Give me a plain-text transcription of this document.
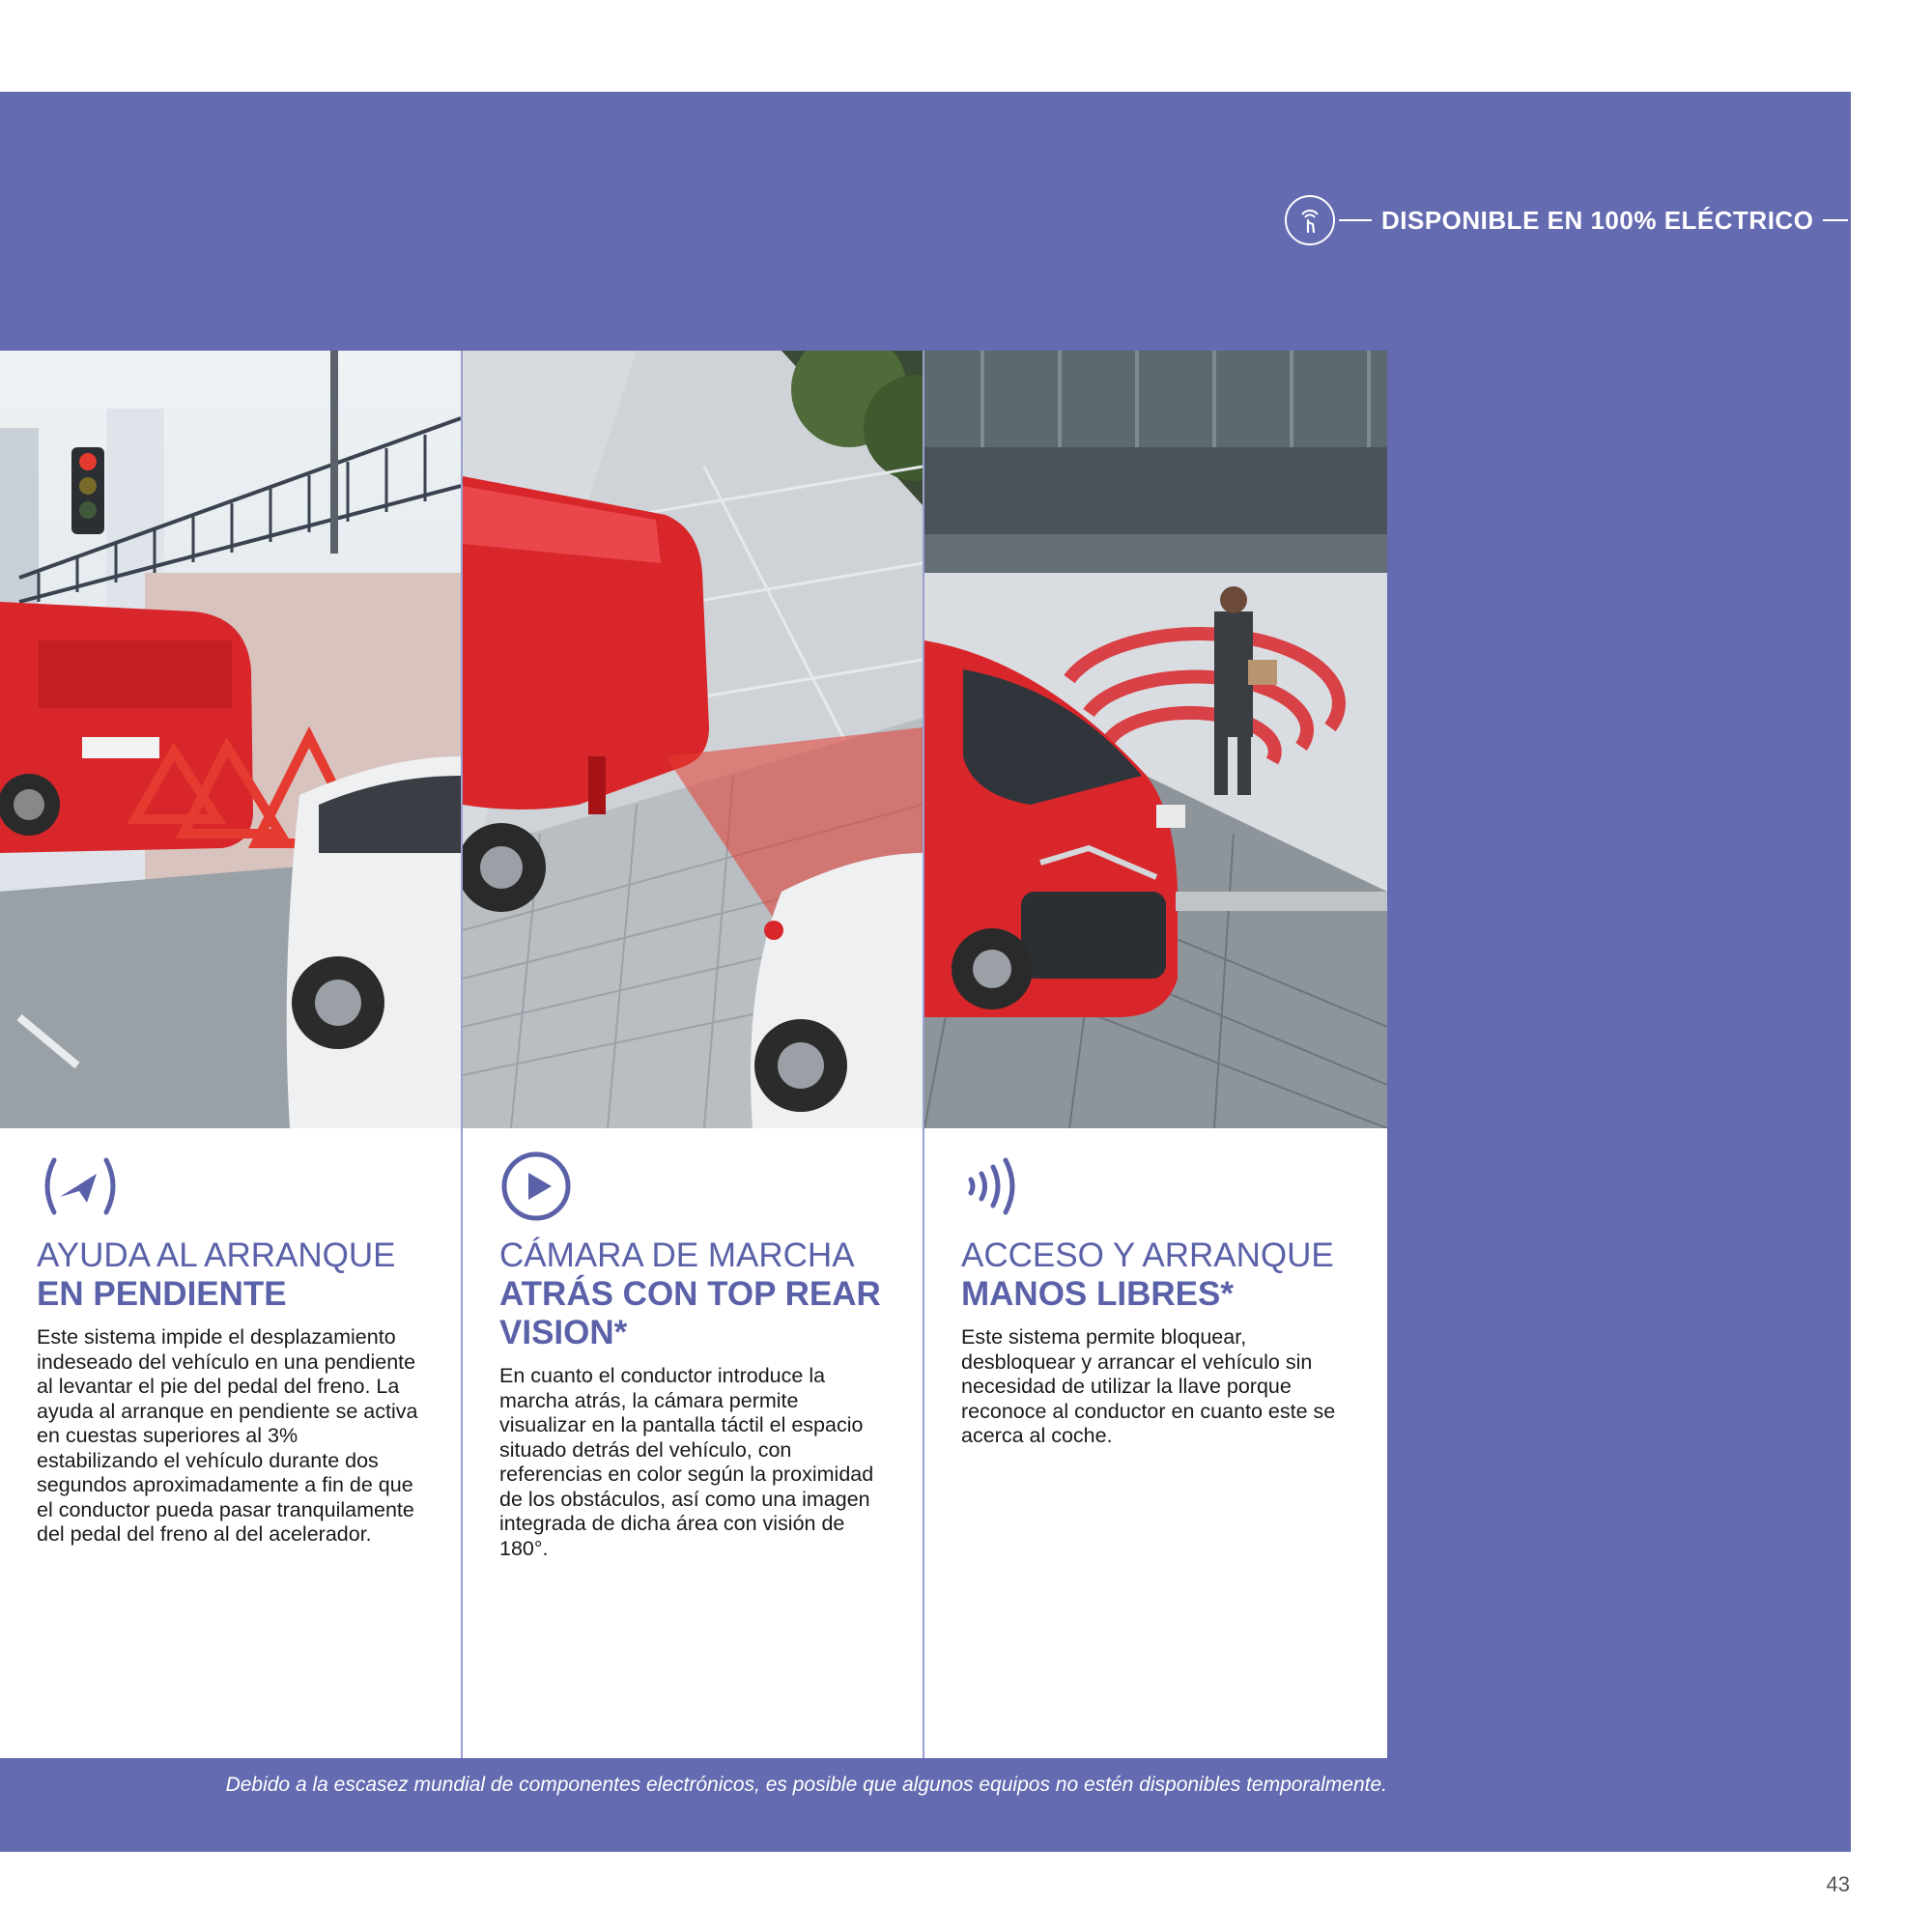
DISPONIBLE EN 100% ELÉCTRICO
AYUDA AL ARRANQUE
EN PENDIENTE
Este sistema impide el desplazamiento indeseado del vehículo en una pendiente al levantar el pie del pedal del freno. La ayuda al arranque en pendiente se activa en cuestas superiores al 3% estabilizando el vehículo durante dos segundos aproximadamente a fin de que el conductor pueda pasar tranquilamente del pedal del freno al del acelerador.
CÁMARA DE MARCHA
ATRÁS CON TOP REAR VISION*
En cuanto el conductor introduce la marcha atrás, la cámara permite visualizar en la pantalla táctil el espacio situado detrás del vehículo, con referencias en color según la proximidad de los obstáculos, así como una imagen integrada de dicha área con visión de 180°.
ACCESO Y ARRANQUE
MANOS LIBRES*
Este sistema permite bloquear, desbloquear y arrancar el vehículo sin necesidad de utilizar la llave porque reconoce al conductor en cuanto este se acerca al coche.
Debido a la escasez mundial de componentes electrónicos, es posible que algunos equipos no estén disponibles temporalmente.
43
